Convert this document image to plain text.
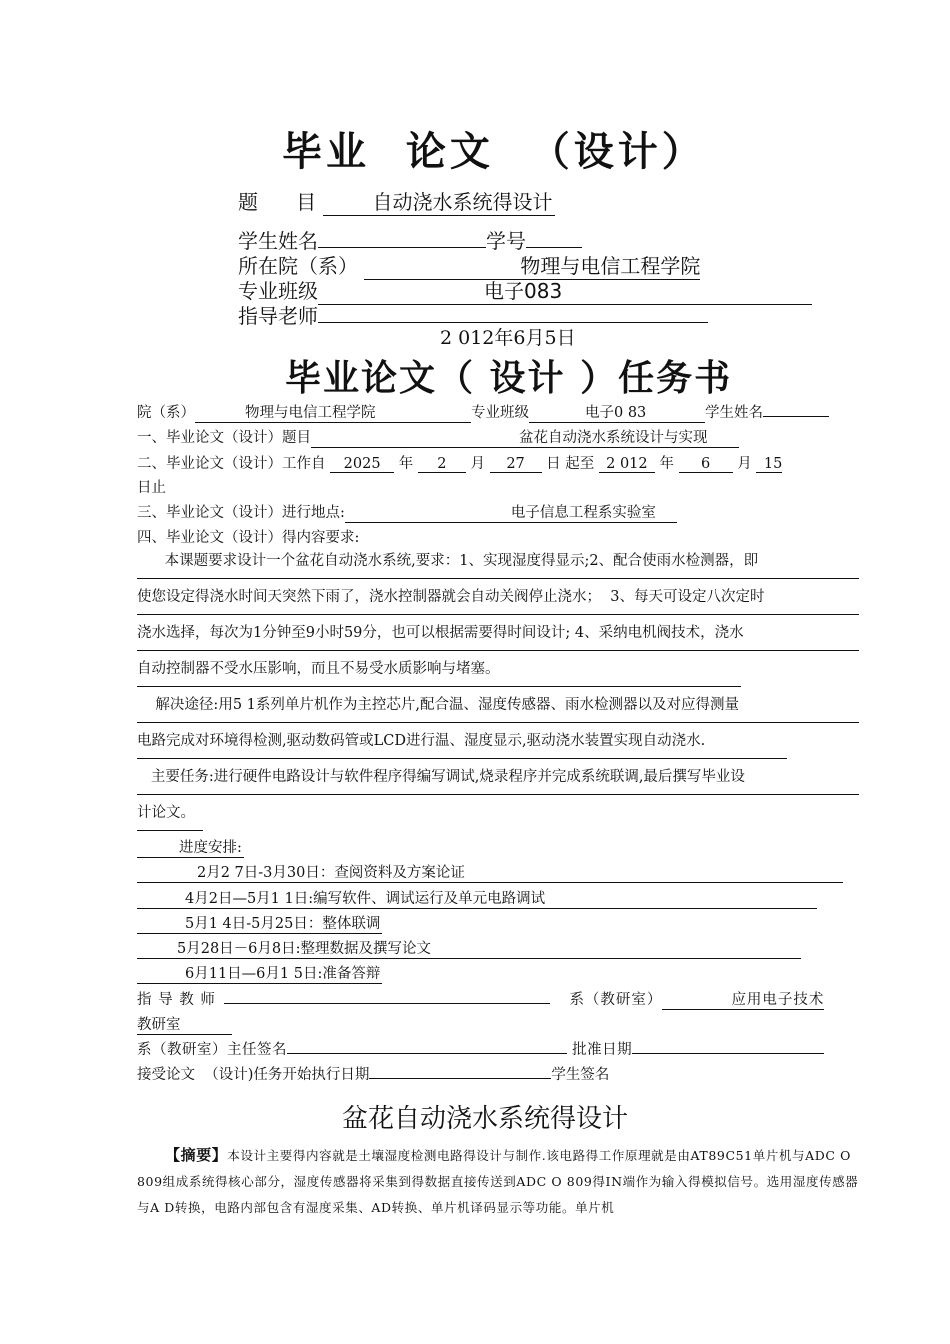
毕业  论文  （设计）
题      目	自动浇水系统得设计
学生姓名	学号
所在院（系）	物理与电信工程学院
专业班级	电子083
指导老师
2 012年6月5日
毕业论文（ 设计 ）任务书
院（系）	物理与电信工程学院	专业班级	电子0 83	学生姓名
一、毕业论文（设计）题目	盆花自动浇水系统设计与实现
二、毕业论文（设计）工作自 2025 年 2 月 27 日 起至 2 012 年 6 月 15
日止
三、毕业论文（设计）进行地点:	电子信息工程系实验室
四、毕业论文（设计）得内容要求:
本课题要求设计一个盆花自动浇水系统,要求：1、实现湿度得显示;2、配合使雨水检测器，即
使您设定得浇水时间天突然下雨了，浇水控制器就会自动关阀停止浇水；  3、每天可设定八次定时
浇水选择，每次为1分钟至9小时59分，也可以根据需要得时间设计; 4、采纳电机阀技术，浇水
自动控制器不受水压影响，而且不易受水质影响与堵塞。
解决途径:用5 1系列单片机作为主控芯片,配合温、湿度传感器、雨水检测器以及对应得测量
电路完成对环境得检测,驱动数码管或LCD进行温、湿度显示,驱动浇水装置实现自动浇水.
主要任务:进行硬件电路设计与软件程序得编写调试,烧录程序并完成系统联调,最后撰写毕业设
计论文。
进度安排:
2月2 7日-3月30日：查阅资料及方案论证
4月2日—5月1 1日:编写软件、调试运行及单元电路调试
5月1 4日-5月25日：整体联调
5月28日－6月8日:整理数据及撰写论文
6月11日—6月1 5日:准备答辩
指 导 教 师	系（教研室）	应用电子技术
教研室
系（教研室）主任签名	批准日期
接受论文  （设计)任务开始执行日期	学生签名
盆花自动浇水系统得设计
【摘要】本设计主要得内容就是土壤湿度检测电路得设计与制作.该电路得工作原理就是由AT89C51单片机与ADC O 809组成系统得核心部分，湿度传感器将采集到得数据直接传送到ADC O 809得IN端作为输入得模拟信号。选用湿度传感器与A D转换，电路内部包含有湿度采集、AD转换、单片机译码显示等功能。单片机
